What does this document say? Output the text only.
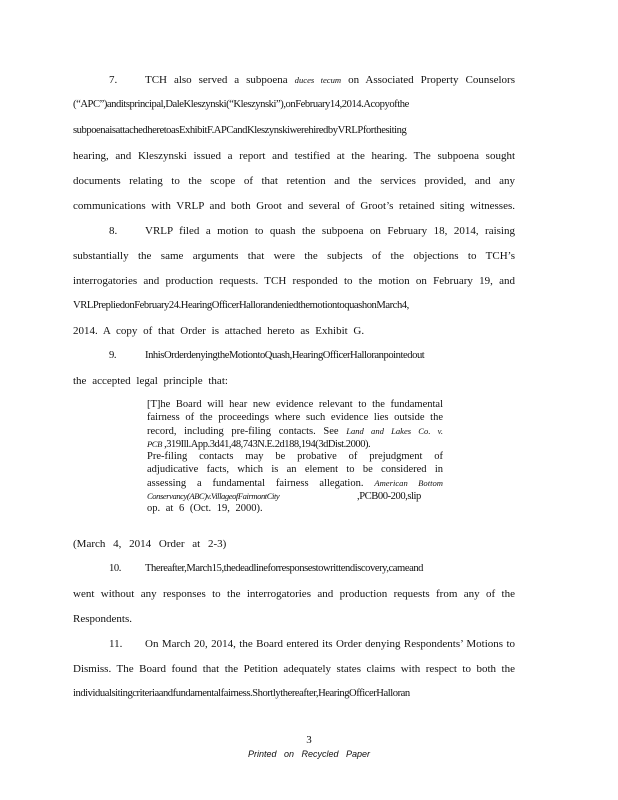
7.	TCH also served a subpoena duces tecum on Associated Property Counselors
(“APC”)anditsprincipal,DaleKleszynski(“Kleszynski”),onFebruary14,2014.Acopyofthe
subpoenaisattachedheretoasExhibitF.APCandKleszynskiwerehiredbyVRLPforthesiting
hearing, and Kleszynski issued a report and testified at the hearing. The subpoena sought
documents relating to the scope of that retention and the services provided, and any
communications with VRLP and both Groot and several of Groot’s retained siting witnesses.
8.	VRLP filed a motion to quash the subpoena on February 18, 2014, raising
substantially the same arguments that were the subjects of the objections to TCH’s
interrogatories and production requests. TCH responded to the motion on February 19, and
VRLPrepliedonFebruary24.HearingOfficerHallorandeniedthemotiontoquashonMarch4,
2014. A copy of that Order is attached hereto as Exhibit G.
9.	InhisOrderdenyingtheMotiontoQuash,HearingOfficerHalloranpointedout
the accepted legal principle that:
[T]he Board will hear new evidence relevant to the fundamental
fairness of the proceedings where such evidence lies outside the
record, including pre-filing contacts. See Land and Lakes Co. v.
PCB ,319Ill.App.3d41,48,743N.E.2d188,194(3dDist.2000).
Pre-filing contacts may be probative of prejudgment of
adjudicative facts, which is an element to be considered in
assessing a fundamental fairness allegation. American Bottom
Conservancy(ABC)v.VillageofFairmontCity	,PCB00-200,slip
op. at 6 (Oct. 19, 2000).
(March 4, 2014 Order at 2-3)
10. Thereafter,March15,thedeadlineforresponsestowrittendiscovery,cameand
went without any responses to the interrogatories and production requests from any of the
Respondents.
11. On March 20, 2014, the Board entered its Order denying Respondents’ Motions to
Dismiss. The Board found that the Petition adequately states claims with respect to both the
individualsitingcriteriaandfundamentalfairness.Shortlythereafter,HearingOfficerHalloran
3
Printed on Recycled Paper
